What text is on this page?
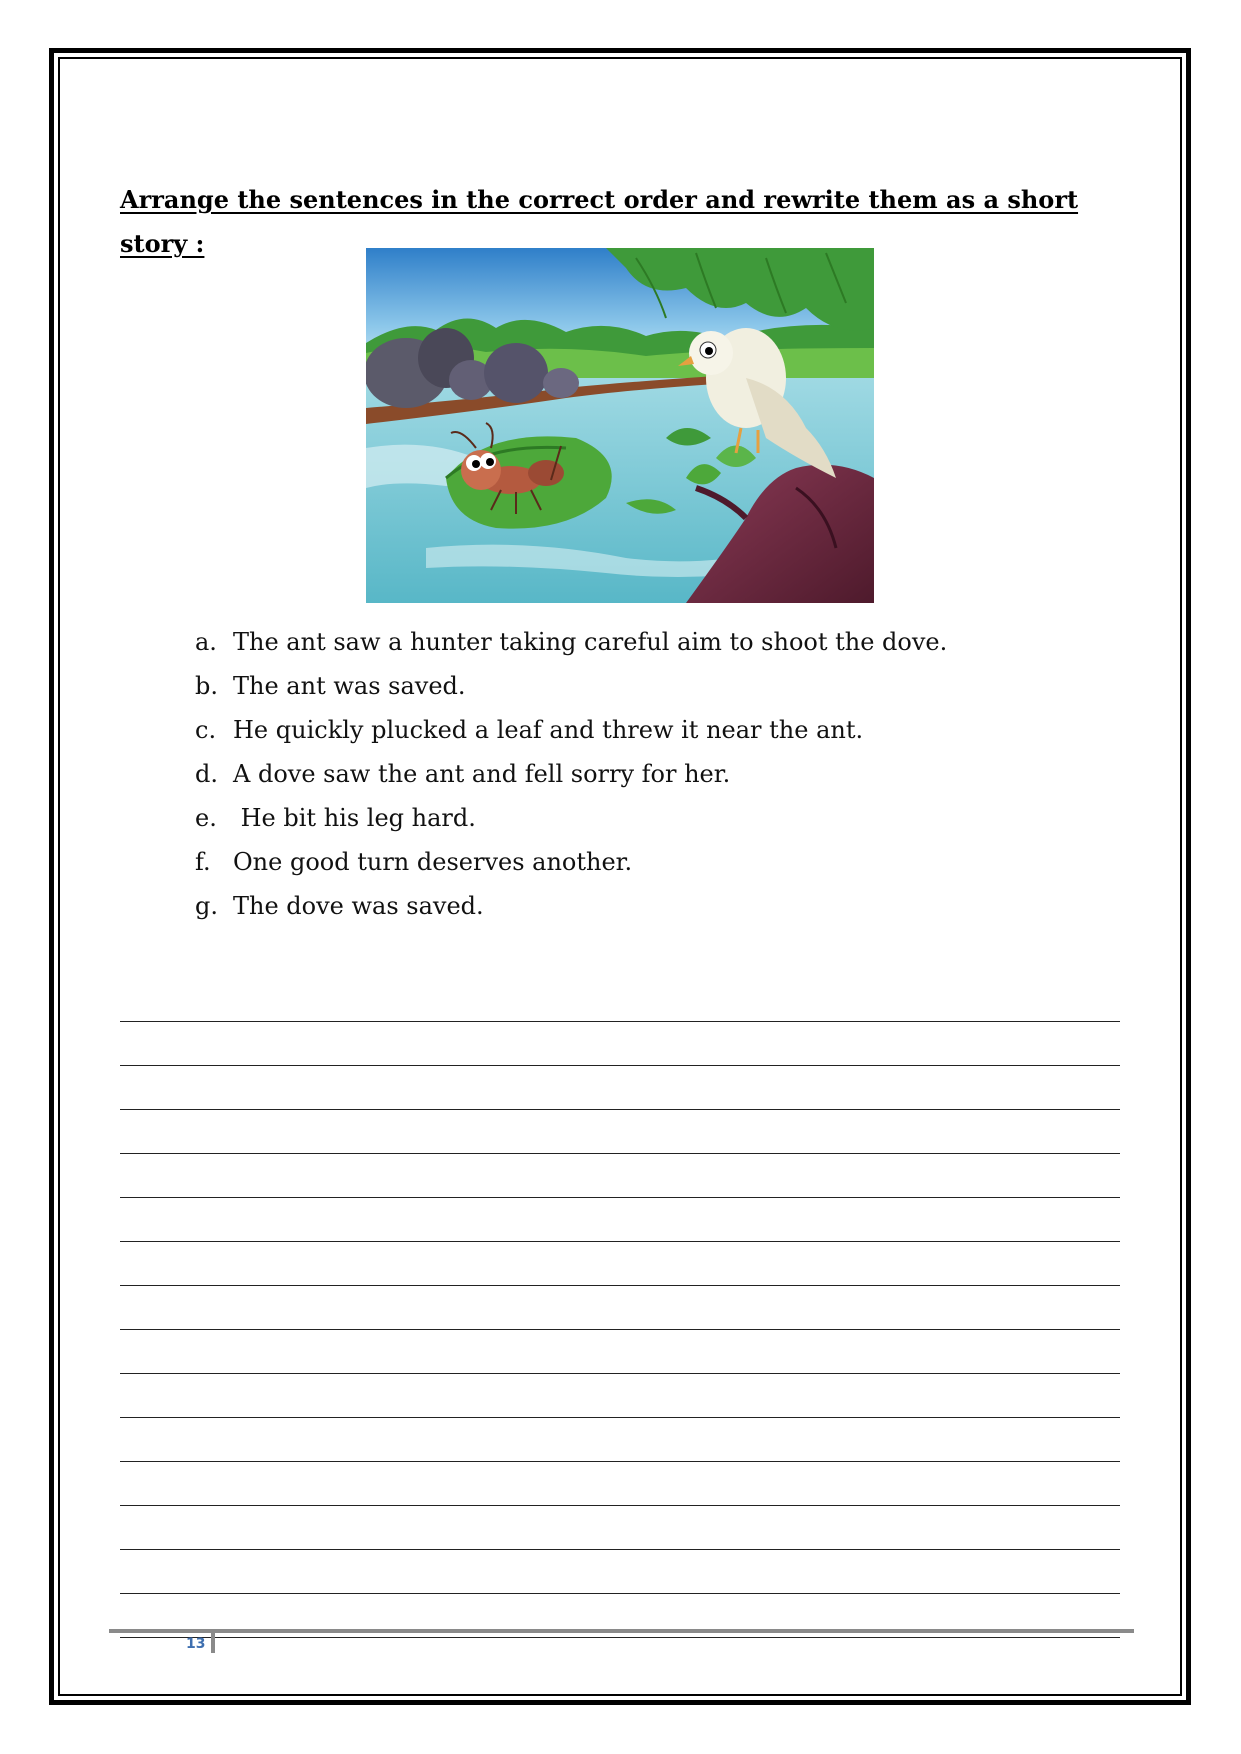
Arrange the sentences in the correct order and rewrite them as a short story :
a. The ant saw a hunter taking careful aim to shoot the dove.
b. The ant was saved.
c. He quickly plucked a leaf and threw it near the ant.
d. A dove saw the ant and fell sorry for her.
e. He bit his leg hard.
f. One good turn deserves another.
g. The dove was saved.
13
